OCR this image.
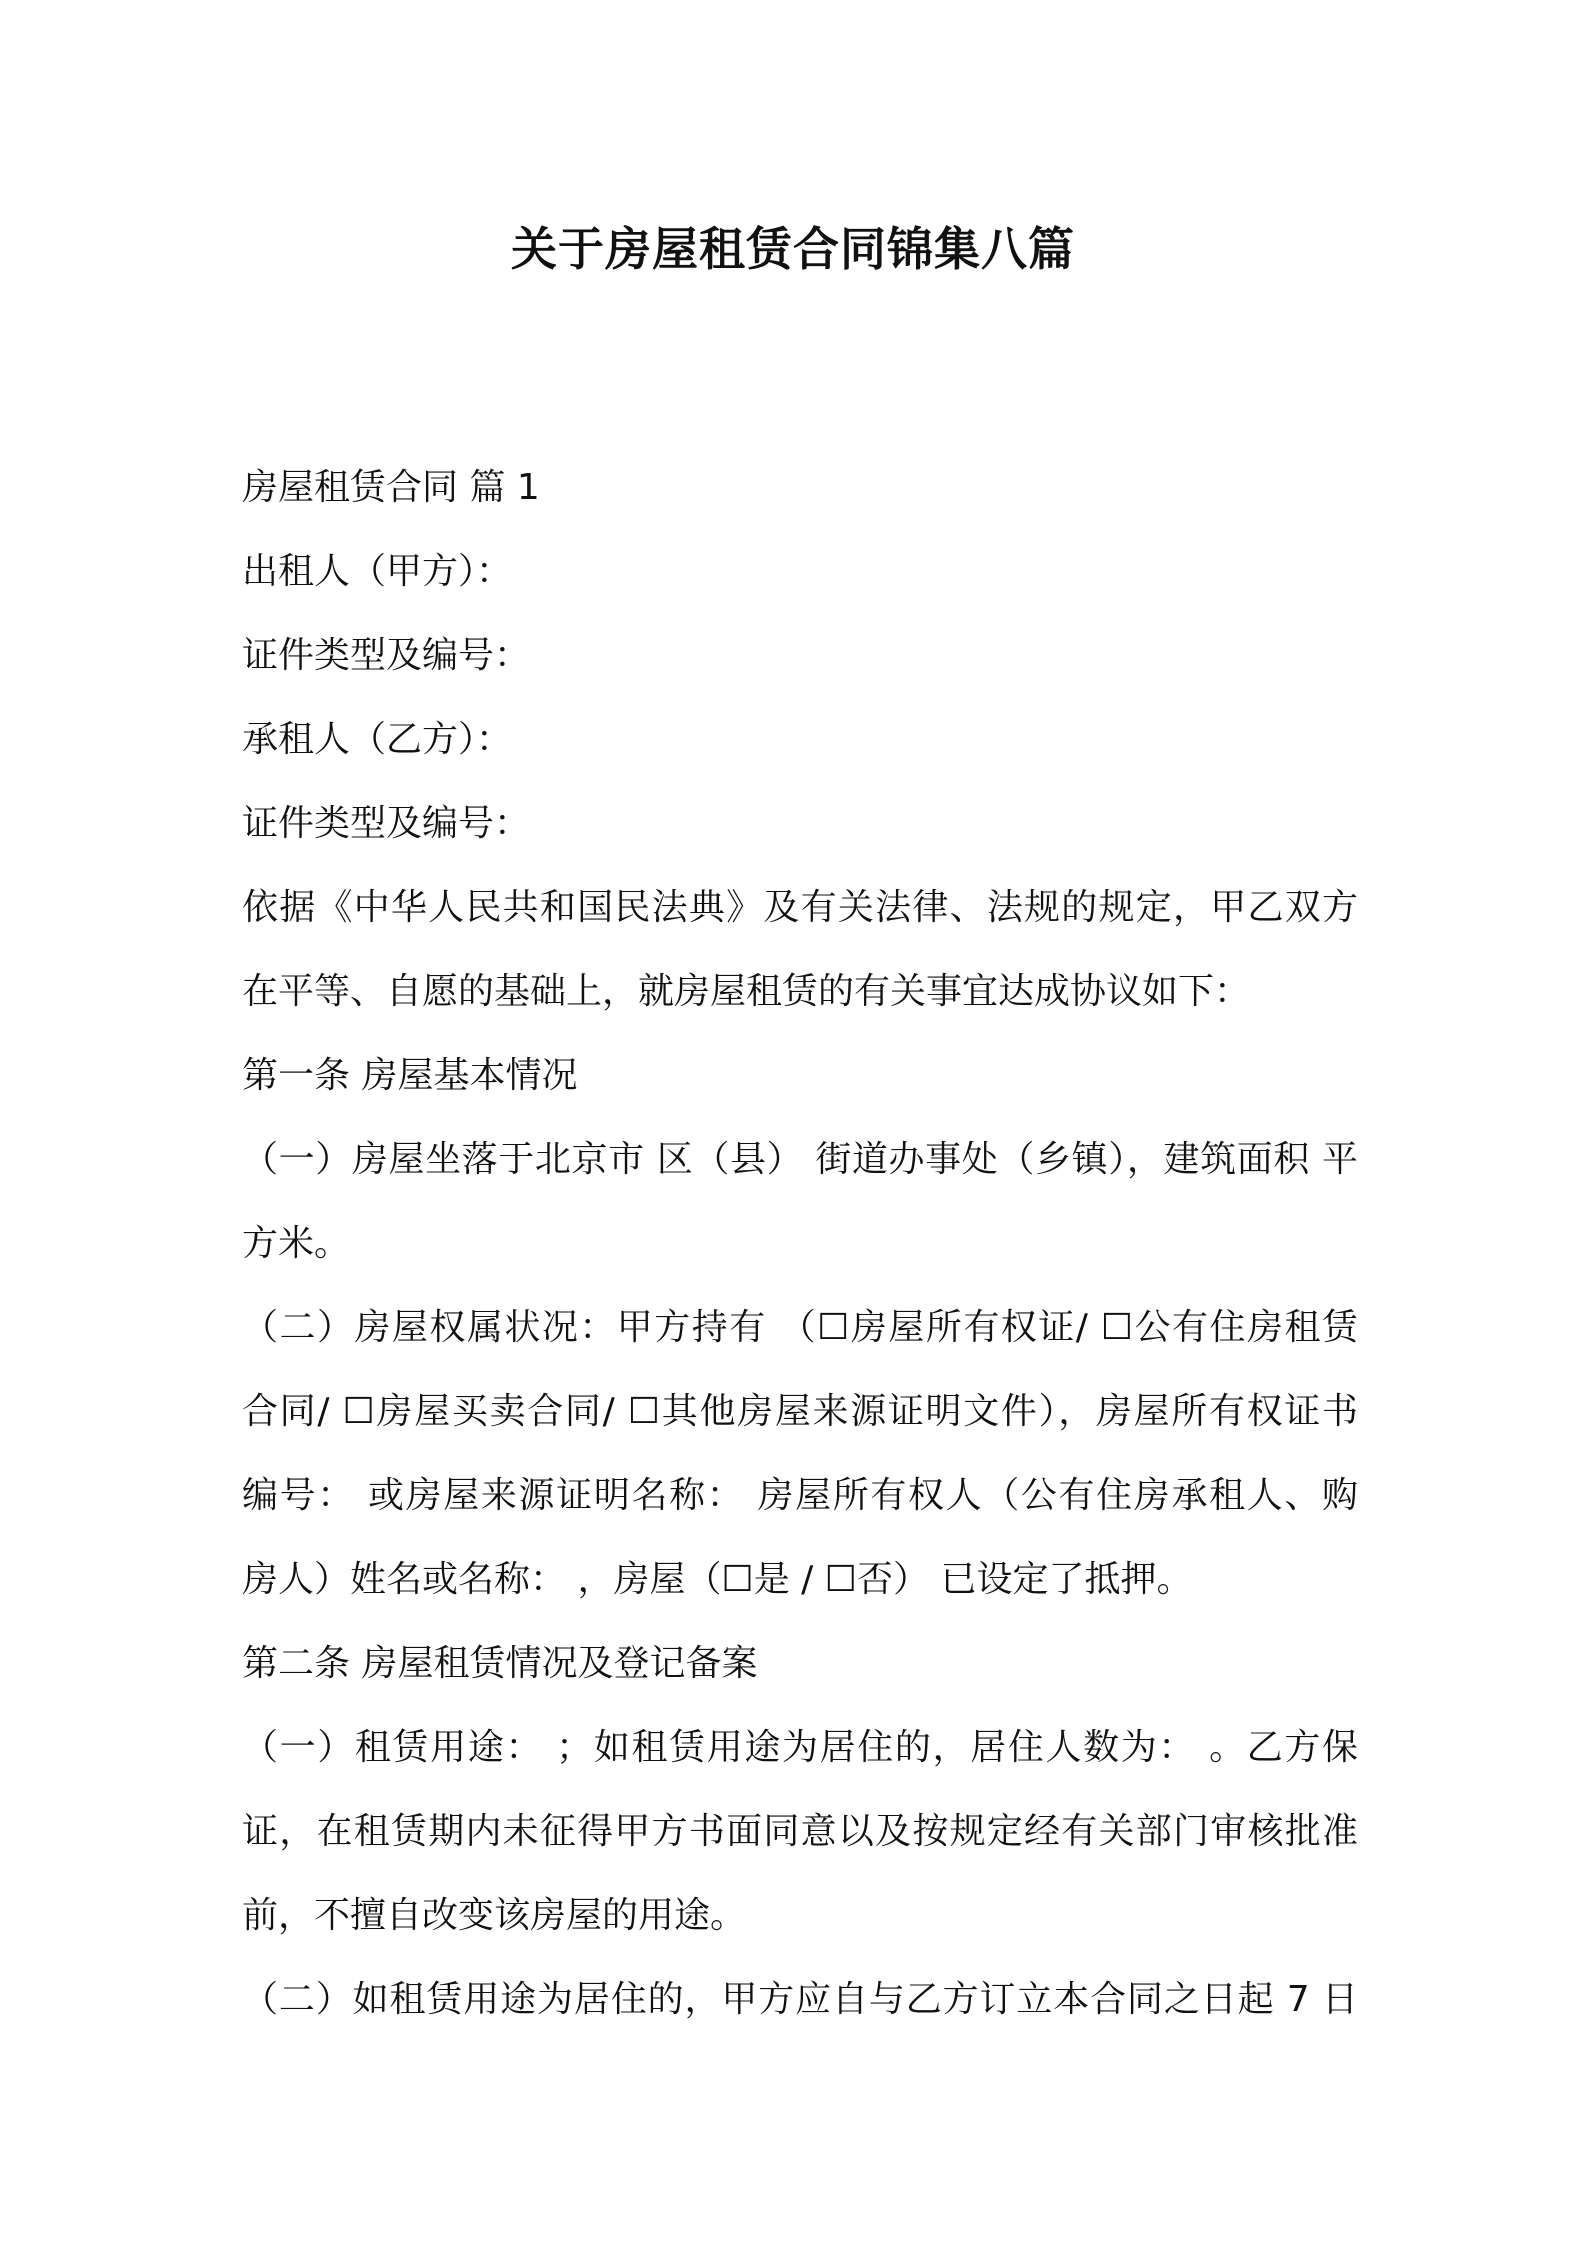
关于房屋租赁合同锦集八篇

房屋租赁合同 篇 1

出租人（甲方）：

证件类型及编号：

承租人（乙方）：

证件类型及编号：

依据《中华人民共和国民法典》及有关法律、法规的规定，甲乙双方

在平等、自愿的基础上，就房屋租赁的有关事宜达成协议如下：

第一条 房屋基本情况

（一）房屋坐落于北京市 区（县） 街道办事处（乡镇），建筑面积 平

方米。

（二）房屋权属状况：甲方持有 （☐房屋所有权证/ ☐公有住房租赁

合同/ ☐房屋买卖合同/ ☐其他房屋来源证明文件），房屋所有权证书

编号： 或房屋来源证明名称： 房屋所有权人（公有住房承租人、购

房人）姓名或名称： ，房屋（☐是 / ☐否） 已设定了抵押。

第二条 房屋租赁情况及登记备案

（一）租赁用途： ；如租赁用途为居住的，居住人数为： 。乙方保

证，在租赁期内未征得甲方书面同意以及按规定经有关部门审核批准

前，不擅自改变该房屋的用途。

（二）如租赁用途为居住的，甲方应自与乙方订立本合同之日起 7 日
